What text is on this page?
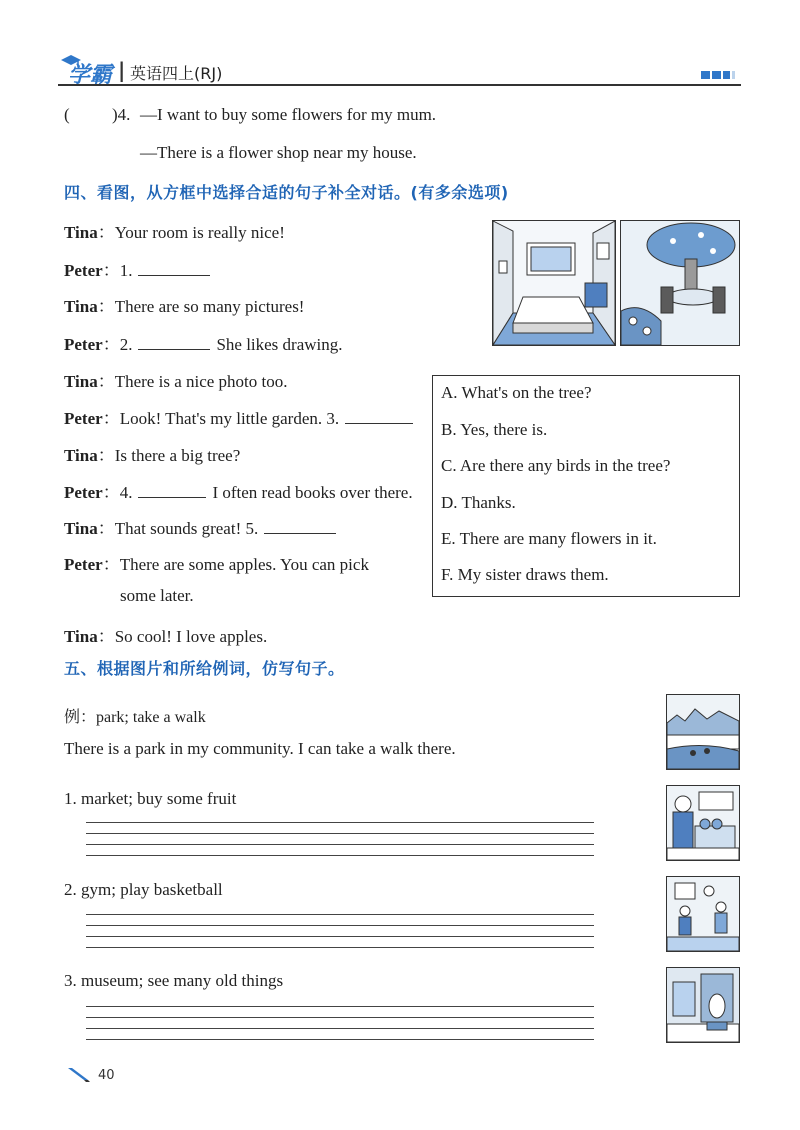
学霸 | 英语四上(RJ)
( )4. —I want to buy some flowers for my mum.
—There is a flower shop near my house.
四、看图，从方框中选择合适的句子补全对话。(有多余选项)
Tina：Your room is really nice!
Peter：1.
Tina：There are so many pictures!
Peter：2.	She likes drawing.
Tina：There is a nice photo too.
Peter：Look! That's my little garden. 3.
Tina：Is there a big tree?
Peter：4.	I often read books over there.
Tina：That sounds great! 5.
Peter：There are some apples. You can pick
some later.
Tina：So cool! I love apples.
A. What's on the tree?
B. Yes, there is.
C. Are there any birds in the tree?
D. Thanks.
E. There are many flowers in it.
F. My sister draws them.
五、根据图片和所给例词，仿写句子。
例 ：park; take a walk
There is a park in my community. I can take a walk there.
1. market; buy some fruit
2. gym; play basketball
3. museum; see many old things
40
